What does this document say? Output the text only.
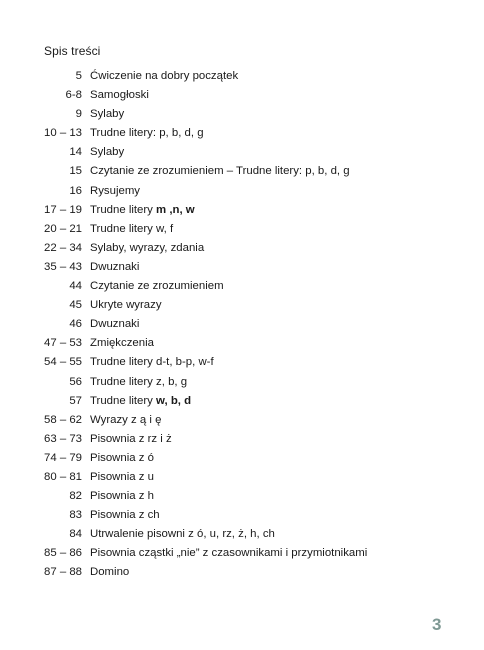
Spis treści
5 Ćwiczenie na dobry początek
6-8 Samogłoski
9 Sylaby
10 – 13 Trudne litery: p, b, d, g
14 Sylaby
15 Czytanie ze zrozumieniem – Trudne litery: p, b, d, g
16 Rysujemy
17 – 19 Trudne litery m ,n, w
20 – 21 Trudne litery w, f
22 – 34 Sylaby, wyrazy, zdania
35 – 43 Dwuznaki
44 Czytanie ze zrozumieniem
45 Ukryte wyrazy
46 Dwuznaki
47 – 53 Zmiękczenia
54 – 55 Trudne litery d-t, b-p, w-f
56 Trudne litery z, b, g
57 Trudne litery w, b, d
58 – 62 Wyrazy z ą i ę
63 – 73 Pisownia z rz i ż
74 – 79 Pisownia z ó
80 – 81 Pisownia z u
82 Pisownia z h
83 Pisownia z ch
84 Utrwalenie pisowni z ó, u, rz, ż, h, ch
85 – 86 Pisownia cząstki „nie” z czasownikami i przymiotnikami
87 – 88 Domino
3
